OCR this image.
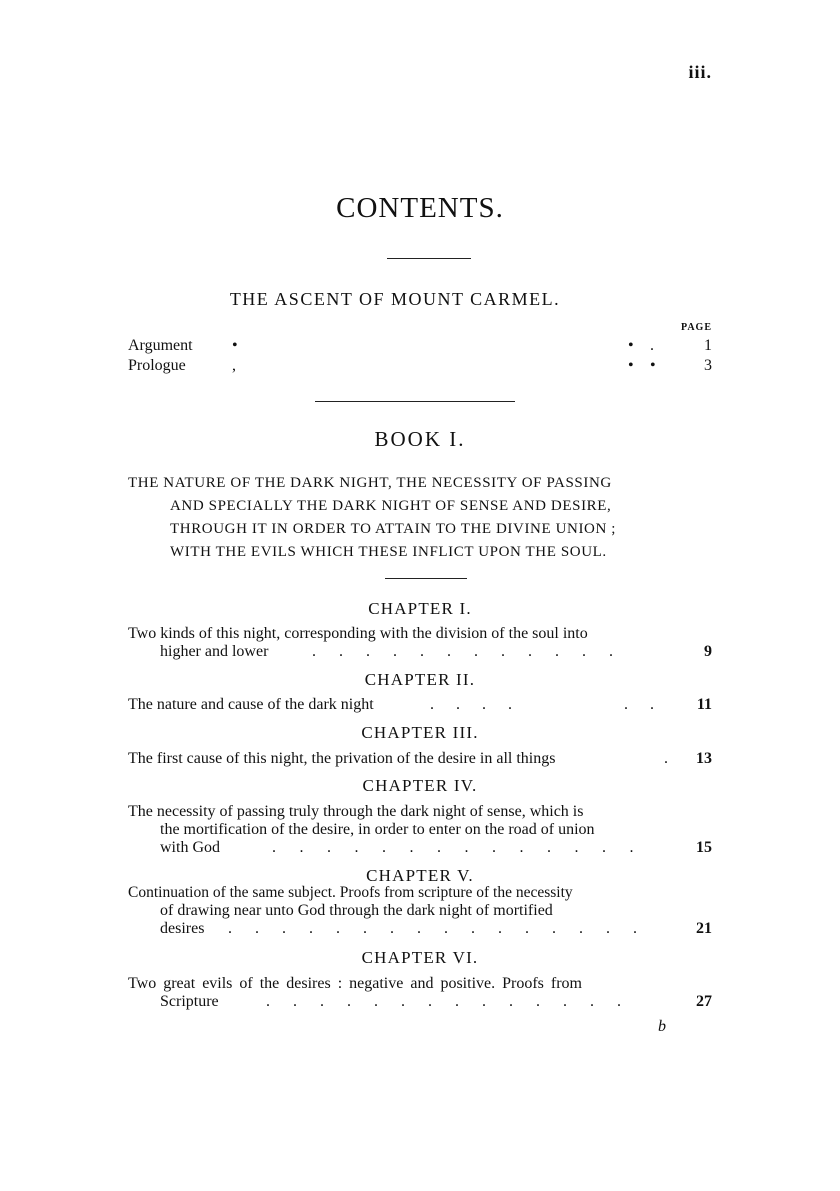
iii.
CONTENTS.
THE ASCENT OF MOUNT CARMEL.
PAGE
Argument •	• .	1
Prologue	,	• •	3
BOOK I.
THE NATURE OF THE DARK NIGHT, THE NECESSITY OF PASSING
AND SPECIALLY THE DARK NIGHT OF SENSE AND DESIRE,
THROUGH IT IN ORDER TO ATTAIN TO THE DIVINE UNION ;
WITH THE EVILS WHICH THESE INFLICT UPON THE SOUL.
CHAPTER I.
Two kinds of this night, corresponding with the division of the soul into
higher and lower	............	9
CHAPTER II.
The nature and cause of the dark night	....	.. 11
CHAPTER III.
The first cause of this night, the privation of the desire in all things	. 13
CHAPTER IV.
The necessity of passing truly through the dark night of sense, which is
the mortification of the desire, in order to enter on the road of union
with God	.............. 15
CHAPTER V.
Continuation of the same subject. Proofs from scripture of the necessity
of drawing near unto God through the dark night of mortified
desires ................ 21
CHAPTER VI.
Two great evils of the desires : negative and positive. Proofs from
Scripture	..............	27
b
